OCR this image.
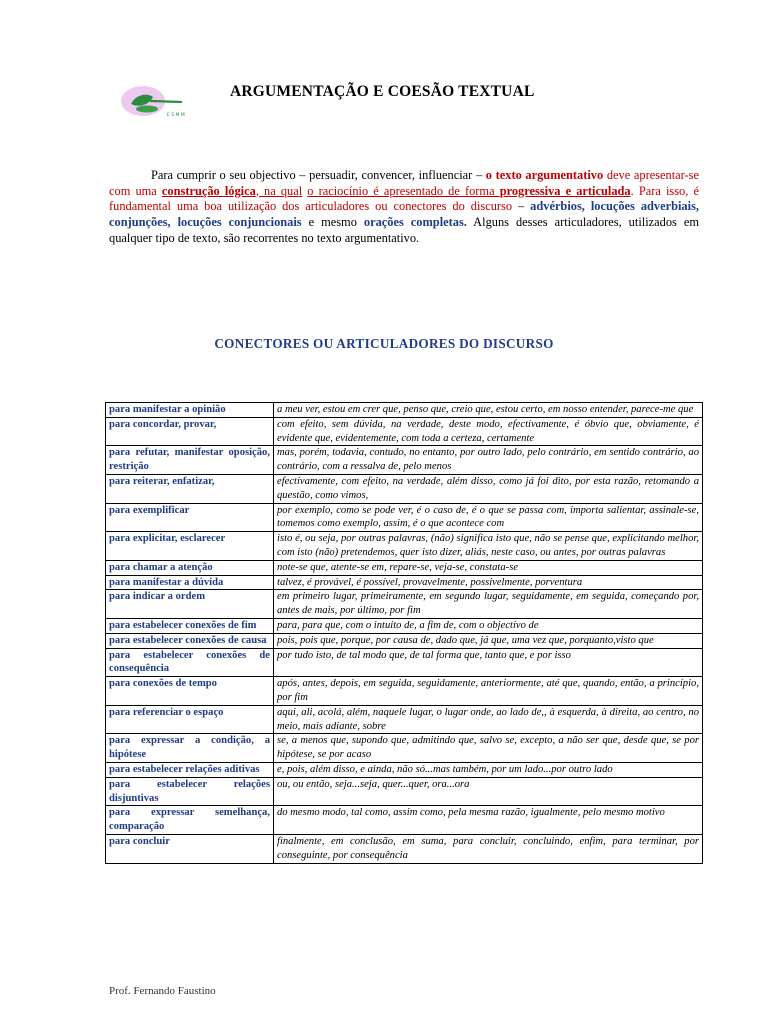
E S M M
ARGUMENTAÇÃO E COESÃO TEXTUAL

Para cumprir o seu objectivo – persuadir, convencer, influenciar – o texto argumentativo deve apresentar-se com uma construção lógica, na qual o raciocínio é apresentado de forma progressiva e articulada. Para isso, é fundamental uma boa utilização dos articuladores ou conectores do discurso – advérbios, locuções adverbiais, conjunções, locuções conjuncionais e mesmo orações completas. Alguns desses articuladores, utilizados em qualquer tipo de texto, são recorrentes no texto argumentativo.

CONECTORES OU ARTICULADORES DO DISCURSO
para manifestar a opinião	a meu ver, estou em crer que, penso que, creio que, estou certo, em nosso entender, parece-me que
para concordar, provar,	com efeito, sem dúvida, na verdade, deste modo, efectivamente, é óbvio que, obviamente, é evidente que, evidentemente, com toda a certeza, certamente
para refutar, manifestar oposição, restrição	mas, porém, todavia, contudo, no entanto, por outro lado, pelo contrário, em sentido contrário, ao contrário, com a ressalva de, pelo menos
para reiterar, enfatizar,	efectivamente, com efeito, na verdade, além disso, como já foi dito, por esta razão, retomando a questão, como vimos,
para exemplificar	por exemplo, como se pode ver, é o caso de, é o que se passa com, importa salientar, assinale-se, tomemos como exemplo, assim, é o que acontece com
para explicitar, esclarecer	isto é, ou seja, por outras palavras, (não) significa isto que, não se pense que, explicitando melhor, com isto (não) pretendemos, quer isto dizer, aliás, neste caso, ou antes, por outras palavras
para chamar a atenção	note-se que, atente-se em, repare-se, veja-se, constata-se
para manifestar a dúvida	talvez, é provável, é possível, provavelmente, possivelmente, porventura
para indicar a ordem	em primeiro lugar, primeiramente, em segundo lugar, seguidamente, em seguida, começando por, antes de mais, por último, por fim
para estabelecer conexões de fim	para, para que, com o intuito de, a fim de, com o objectivo de
para estabelecer conexões de causa	pois, pois que, porque, por causa de, dado que, já que, uma vez que, porquanto,visto que
para estabelecer conexões de consequência	por tudo isto, de tal modo que, de tal forma que, tanto que, e por isso
para conexões de tempo	após, antes, depois, em seguida, seguidamente, anteriormente, até que, quando, então, a princípio, por fim
para referenciar o espaço	aqui, ali, acolá, além, naquele lugar, o lugar onde, ao lado de,, à esquerda, à direita, ao centro, no meio, mais adiante, sobre
para expressar a condição, a hipótese	se, a menos que, supondo que, admitindo que, salvo se, excepto, a não ser que, desde que, se por hipótese, se por acaso
para estabelecer relações aditivas	e, pois, além disso, e ainda, não só...mas também, por um lado...por outro lado
para estabelecer relações disjuntivas	ou, ou então, seja...seja, quer...quer, ora...ora
para expressar semelhança, comparação	do mesmo modo, tal como, assim como, pela mesma razão, igualmente, pelo mesmo motivo
para concluir	finalmente, em conclusão, em suma, para concluir, concluindo, enfim, para terminar, por conseguinte, por consequência
Prof. Fernando Faustino
